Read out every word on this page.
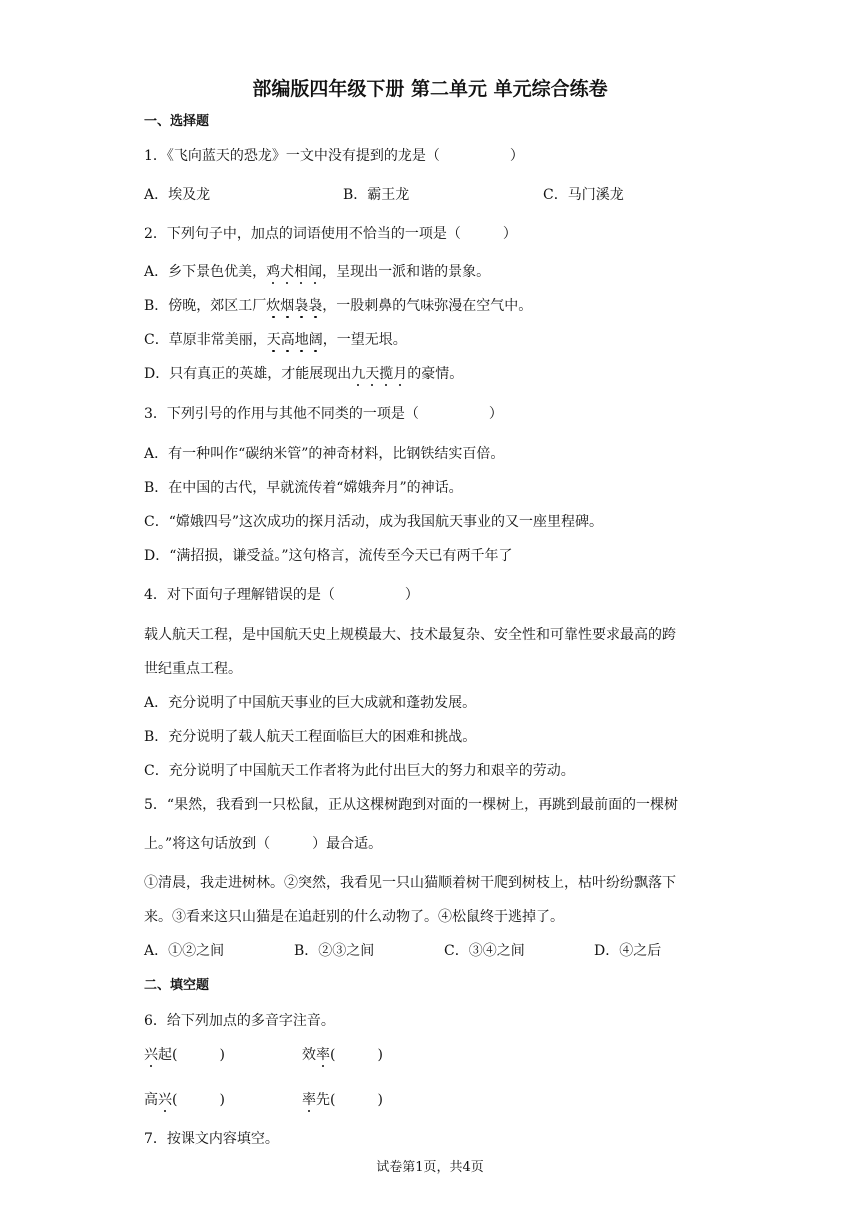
部编版四年级下册 第二单元 单元综合练卷
一、选择题
1．《飞向蓝天的恐龙》一文中没有提到的龙是（　　　　　）
A．埃及龙	B．霸王龙	C．马门溪龙
2．下列句子中，加点的词语使用不恰当的一项是（　　　）
A．乡下景色优美，鸡犬相闻，呈现出一派和谐的景象。
B．傍晚，郊区工厂炊烟袅袅，一股刺鼻的气味弥漫在空气中。
C．草原非常美丽，天高地阔，一望无垠。
D．只有真正的英雄，才能展现出九天揽月的豪情。
3．下列引号的作用与其他不同类的一项是（　　　　　）
A．有一种叫作“碳纳米管”的神奇材料，比钢铁结实百倍。
B．在中国的古代，早就流传着“嫦娥奔月”的神话。
C．“嫦娥四号”这次成功的探月活动，成为我国航天事业的又一座里程碑。
D．“满招损，谦受益。”这句格言，流传至今天已有两千年了
4．对下面句子理解错误的是（　　　　　）
载人航天工程，是中国航天史上规模最大、技术最复杂、安全性和可靠性要求最高的跨
世纪重点工程。
A．充分说明了中国航天事业的巨大成就和蓬勃发展。
B．充分说明了载人航天工程面临巨大的困难和挑战。
C．充分说明了中国航天工作者将为此付出巨大的努力和艰辛的劳动。
5．“果然，我看到一只松鼠，正从这棵树跑到对面的一棵树上，再跳到最前面的一棵树
上。”将这句话放到（　　　）最合适。
①清晨，我走进树林。②突然，我看见一只山猫顺着树干爬到树枝上，枯叶纷纷飘落下
来。③看来这只山猫是在追赶别的什么动物了。④松鼠终于逃掉了。
A．①②之间	B．②③之间	C．③④之间	D．④之后
二、填空题
6．给下列加点的多音字注音。
兴起(　　　)	效率(　　　)
高兴(　　　)	率先(　　　)
7．按课文内容填空。
试卷第1页，共4页
